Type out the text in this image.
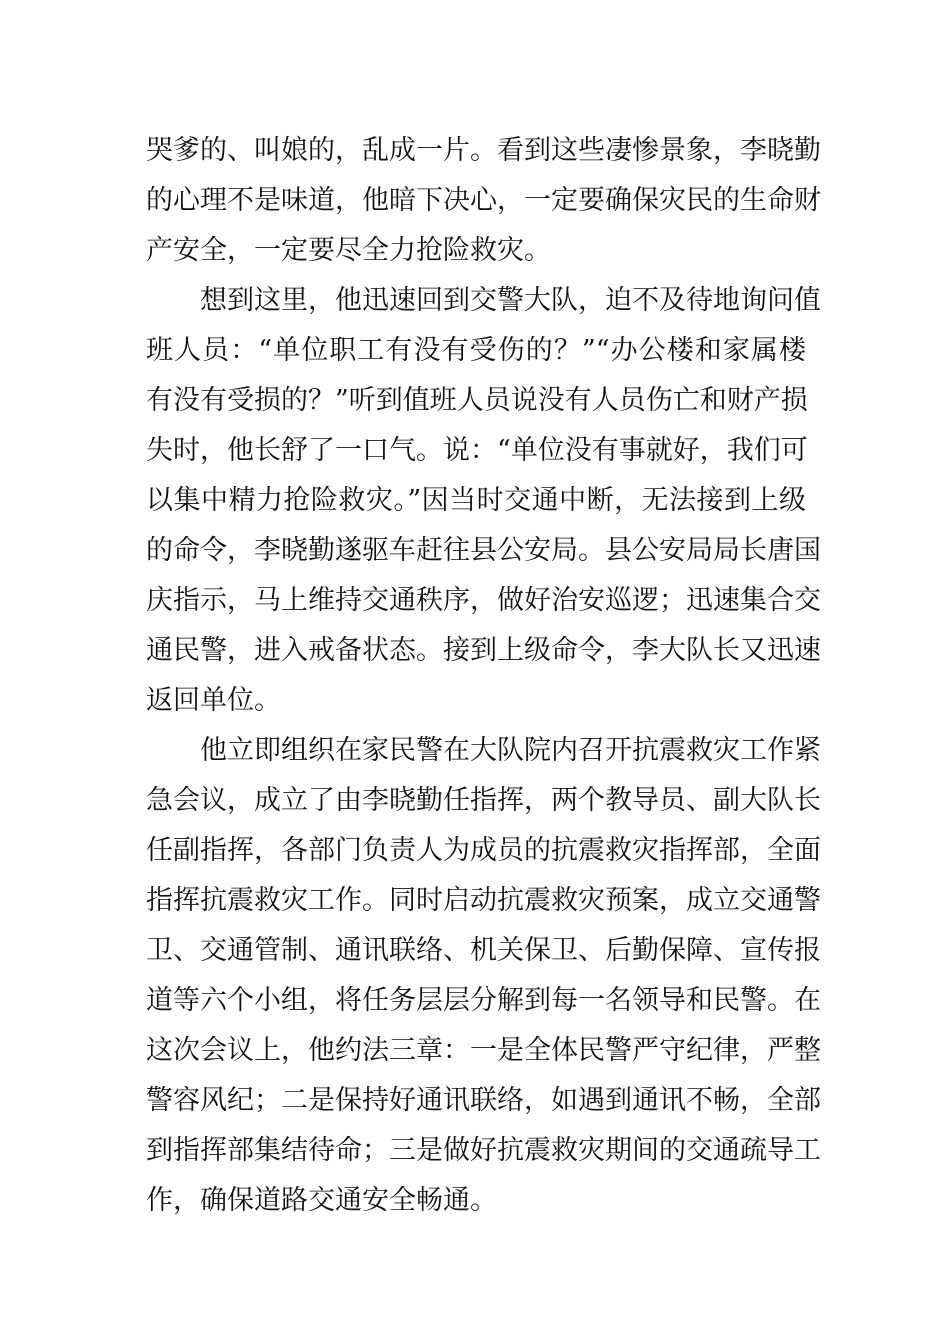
哭爹的、叫娘的，乱成一片。看到这些凄惨景象，李晓勤
的心理不是味道，他暗下决心，一定要确保灾民的生命财
产安全，一定要尽全力抢险救灾。
想到这里，他迅速回到交警大队，迫不及待地询问值
班人员：“单位职工有没有受伤的？”“办公楼和家属楼
有没有受损的？”听到值班人员说没有人员伤亡和财产损
失时，他长舒了一口气。说：“单位没有事就好，我们可
以集中精力抢险救灾。”因当时交通中断，无法接到上级
的命令，李晓勤遂驱车赶往县公安局。县公安局局长唐国
庆指示，马上维持交通秩序，做好治安巡逻；迅速集合交
通民警，进入戒备状态。接到上级命令，李大队长又迅速
返回单位。
他立即组织在家民警在大队院内召开抗震救灾工作紧
急会议，成立了由李晓勤任指挥，两个教导员、副大队长
任副指挥，各部门负责人为成员的抗震救灾指挥部，全面
指挥抗震救灾工作。同时启动抗震救灾预案，成立交通警
卫、交通管制、通讯联络、机关保卫、后勤保障、宣传报
道等六个小组，将任务层层分解到每一名领导和民警。在
这次会议上，他约法三章：一是全体民警严守纪律，严整
警容风纪；二是保持好通讯联络，如遇到通讯不畅，全部
到指挥部集结待命；三是做好抗震救灾期间的交通疏导工
作，确保道路交通安全畅通。
